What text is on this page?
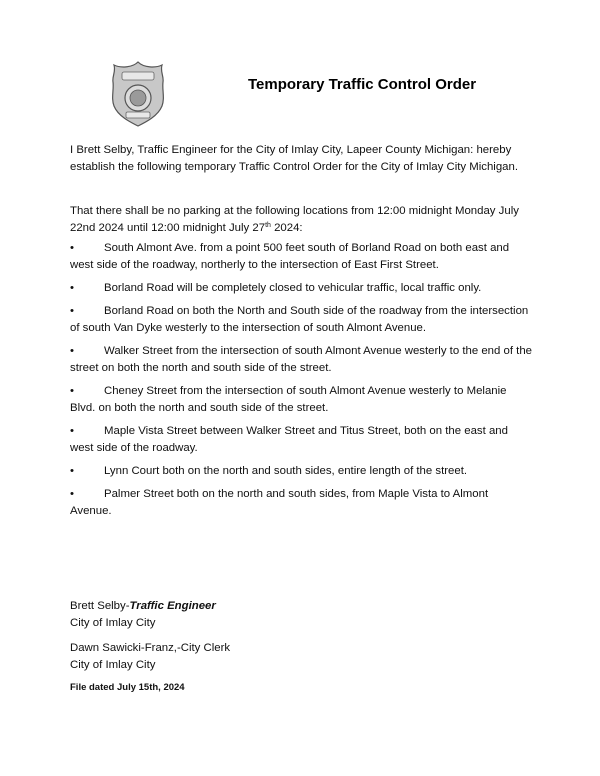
Temporary Traffic Control Order
I Brett Selby, Traffic Engineer for the City of Imlay City, Lapeer County Michigan: hereby establish the following temporary Traffic Control Order for the City of Imlay City Michigan.
That there shall be no parking at the following locations from 12:00 midnight Monday July 22nd 2024 until 12:00 midnight July 27th 2024:
•	South Almont Ave. from a point 500 feet south of Borland Road on both east and west side of the roadway, northerly to the intersection of East First Street.
•	Borland Road will be completely closed to vehicular traffic, local traffic only.
•	Borland Road on both the North and South side of the roadway from the intersection of south Van Dyke westerly to the intersection of south Almont Avenue.
•	Walker Street from the intersection of south Almont Avenue westerly to the end of the street on both the north and south side of the street.
•	Cheney Street from the intersection of south Almont Avenue westerly to Melanie Blvd. on both the north and south side of the street.
•	Maple Vista Street between Walker Street and Titus Street, both on the east and west side of the roadway.
•	Lynn Court both on the north and south sides, entire length of the street.
•	Palmer Street both on the north and south sides, from Maple Vista to Almont Avenue.
Brett Selby-Traffic Engineer
City of Imlay City
Dawn Sawicki-Franz,-City Clerk
City of Imlay City
File dated July 15th, 2024
